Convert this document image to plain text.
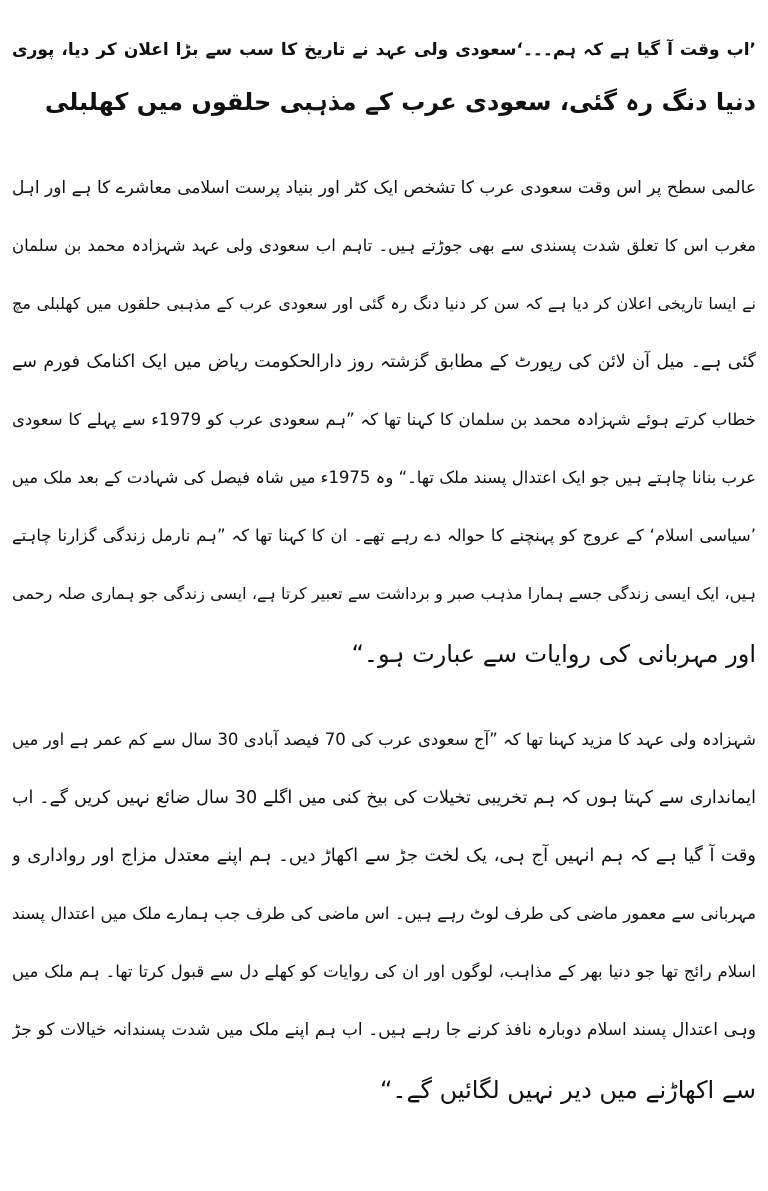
’اب وقت آ گیا ہے کہ ہم۔۔۔‘سعودی ولی عہد نے تاریخ کا سب سے بڑا اعلان کر دیا، پوری
دنیا دنگ رہ گئی، سعودی عرب کے مذہبی حلقوں میں کھلبلی
عالمی سطح پر اس وقت سعودی عرب کا تشخص ایک کٹر اور بنیاد پرست اسلامی معاشرے کا ہے اور اہل
مغرب اس کا تعلق شدت پسندی سے بھی جوڑتے ہیں۔ تاہم اب سعودی ولی عہد شہزادہ محمد بن سلمان
نے ایسا تاریخی اعلان کر دیا ہے کہ سن کر دنیا دنگ رہ گئی اور سعودی عرب کے مذہبی حلقوں میں کھلبلی مچ
گئی ہے۔ میل آن لائن کی رپورٹ کے مطابق گزشتہ روز دارالحکومت ریاض میں ایک اکنامک فورم سے
خطاب کرتے ہوئے شہزادہ محمد بن سلمان کا کہنا تھا کہ ”ہم سعودی عرب کو 1979ء سے پہلے کا سعودی
عرب بنانا چاہتے ہیں جو ایک اعتدال پسند ملک تھا۔“ وہ 1975ء میں شاہ فیصل کی شہادت کے بعد ملک میں
’سیاسی اسلام‘ کے عروج کو پہنچنے کا حوالہ دے رہے تھے۔ ان کا کہنا تھا کہ ”ہم نارمل زندگی گزارنا چاہتے
ہیں، ایک ایسی زندگی جسے ہمارا مذہب صبر و برداشت سے تعبیر کرتا ہے، ایسی زندگی جو ہماری صلہ رحمی
اور مہربانی کی روایات سے عبارت ہو۔“
شہزادہ ولی عہد کا مزید کہنا تھا کہ ”آج سعودی عرب کی 70 فیصد آبادی 30 سال سے کم عمر ہے اور میں
ایمانداری سے کہتا ہوں کہ ہم تخریبی تخیلات کی بیخ کنی میں اگلے 30 سال ضائع نہیں کریں گے۔ اب
وقت آ گیا ہے کہ ہم انہیں آج ہی، یک لخت جڑ سے اکھاڑ دیں۔ ہم اپنے معتدل مزاج اور رواداری و
مہربانی سے معمور ماضی کی طرف لوٹ رہے ہیں۔ اس ماضی کی طرف جب ہمارے ملک میں اعتدال پسند
اسلام رائج تھا جو دنیا بھر کے مذاہب، لوگوں اور ان کی روایات کو کھلے دل سے قبول کرتا تھا۔ ہم ملک میں
وہی اعتدال پسند اسلام دوبارہ نافذ کرنے جا رہے ہیں۔ اب ہم اپنے ملک میں شدت پسندانہ خیالات کو جڑ
سے اکھاڑنے میں دیر نہیں لگائیں گے۔“
